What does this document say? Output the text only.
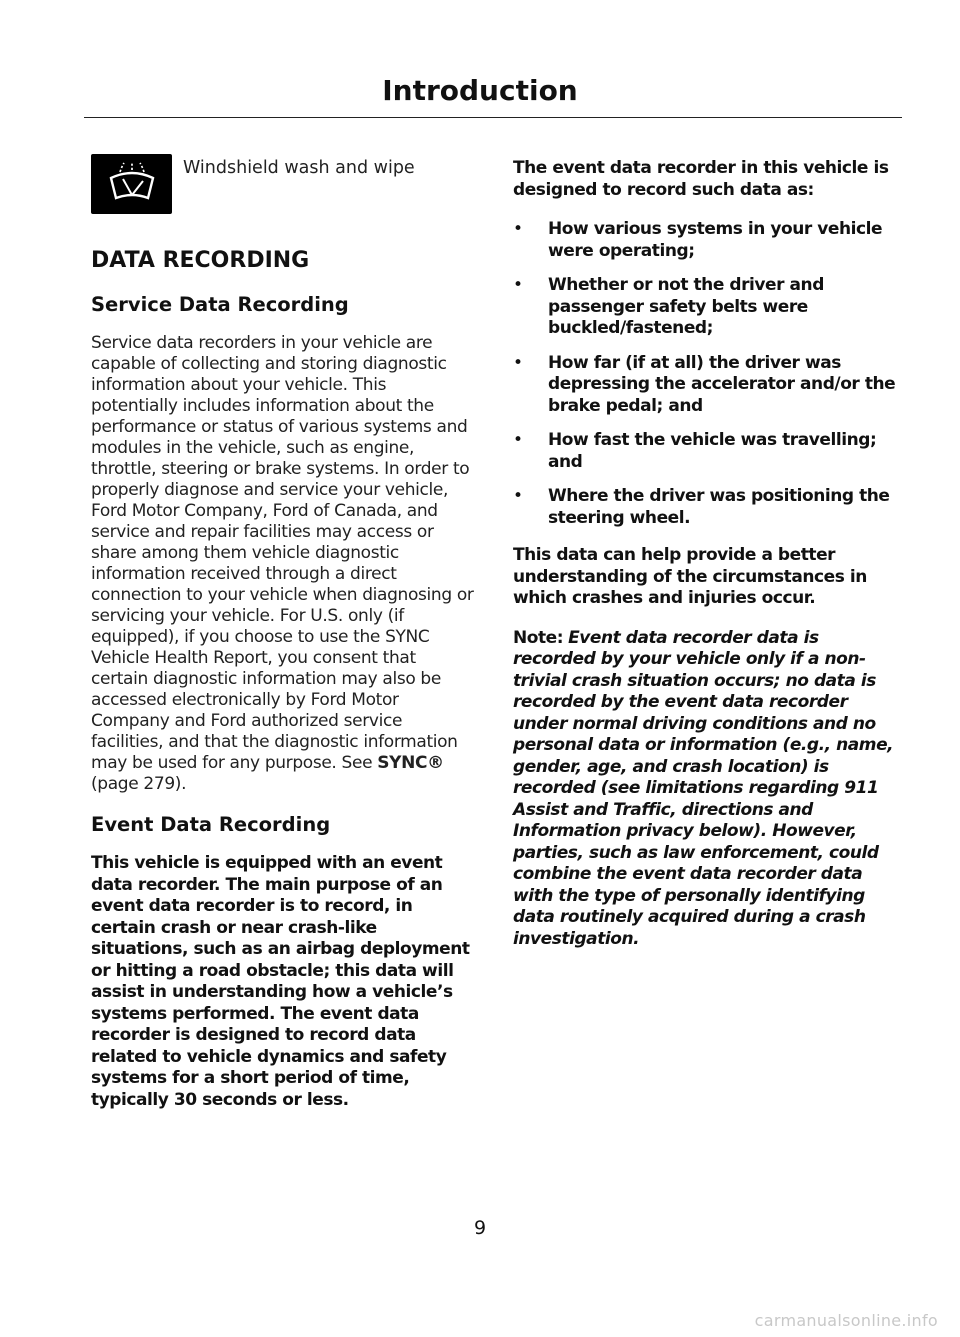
Introduction
Windshield wash and wipe
DATA RECORDING
Service Data Recording

Service data recorders in your vehicle are capable of collecting and storing diagnostic information about your vehicle. This potentially includes information about the performance or status of various systems and modules in the vehicle, such as engine, throttle, steering or brake systems. In order to properly diagnose and service your vehicle, Ford Motor Company, Ford of Canada, and service and repair facilities may access or share among them vehicle diagnostic information received through a direct connection to your vehicle when diagnosing or servicing your vehicle. For U.S. only (if equipped), if you choose to use the SYNC Vehicle Health Report, you consent that certain diagnostic information may also be accessed electronically by Ford Motor Company and Ford authorized service facilities, and that the diagnostic information may be used for any purpose. See SYNC® (page 279).

Event Data Recording

This vehicle is equipped with an event data recorder. The main purpose of an event data recorder is to record, in certain crash or near crash-like situations, such as an airbag deployment or hitting a road obstacle; this data will assist in understanding how a vehicle’s systems performed. The event data recorder is designed to record data related to vehicle dynamics and safety systems for a short period of time, typically 30 seconds or less.

The event data recorder in this vehicle is designed to record such data as:

• How various systems in your vehicle were operating;
• Whether or not the driver and passenger safety belts were buckled/fastened;
• How far (if at all) the driver was depressing the accelerator and/or the brake pedal; and
• How fast the vehicle was travelling; and
• Where the driver was positioning the steering wheel.

This data can help provide a better understanding of the circumstances in which crashes and injuries occur.

Note: Event data recorder data is recorded by your vehicle only if a non-trivial crash situation occurs; no data is recorded by the event data recorder under normal driving conditions and no personal data or information (e.g., name, gender, age, and crash location) is recorded (see limitations regarding 911 Assist and Traffic, directions and Information privacy below). However, parties, such as law enforcement, could combine the event data recorder data with the type of personally identifying data routinely acquired during a crash investigation.

9
carmanualsonline.info
